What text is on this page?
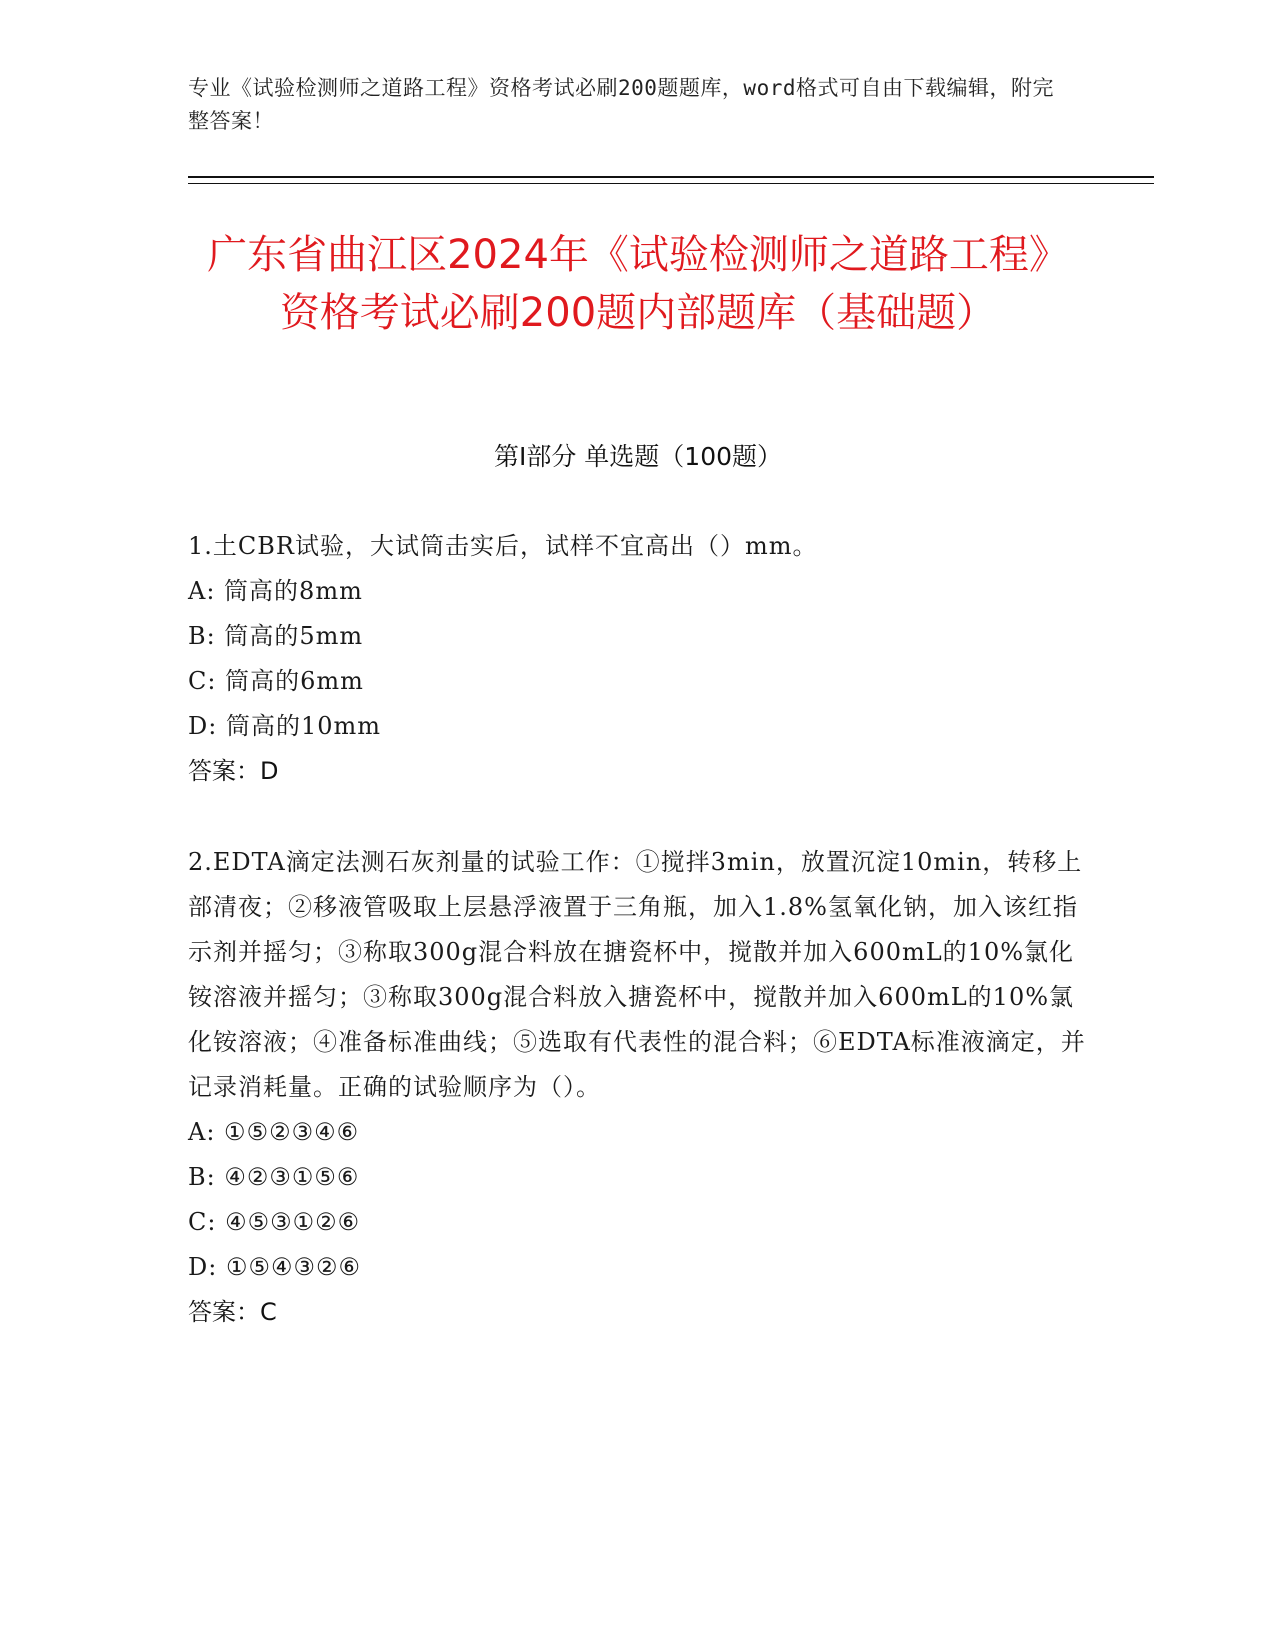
专业《试验检测师之道路工程》资格考试必刷200题题库，word格式可自由下载编辑，附完整答案！
广东省曲江区2024年《试验检测师之道路工程》资格考试必刷200题内部题库（基础题）
第I部分 单选题（100题）
1.土CBR试验，大试筒击实后，试样不宜高出（）mm。
A: 筒高的8mm
B: 筒高的5mm
C: 筒高的6mm
D: 筒高的10mm
答案：D
2.EDTA滴定法测石灰剂量的试验工作：①搅拌3min，放置沉淀10min，转移上部清夜；②移液管吸取上层悬浮液置于三角瓶，加入1.8%氢氧化钠，加入该红指示剂并摇匀；③称取300g混合料放在搪瓷杯中，搅散并加入600mL的10%氯化铵溶液并摇匀；③称取300g混合料放入搪瓷杯中，搅散并加入600mL的10%氯化铵溶液；④准备标准曲线；⑤选取有代表性的混合料；⑥EDTA标准液滴定，并记录消耗量。正确的试验顺序为（）。
A: ①⑤②③④⑥
B: ④②③①⑤⑥
C: ④⑤③①②⑥
D: ①⑤④③②⑥
答案：C
